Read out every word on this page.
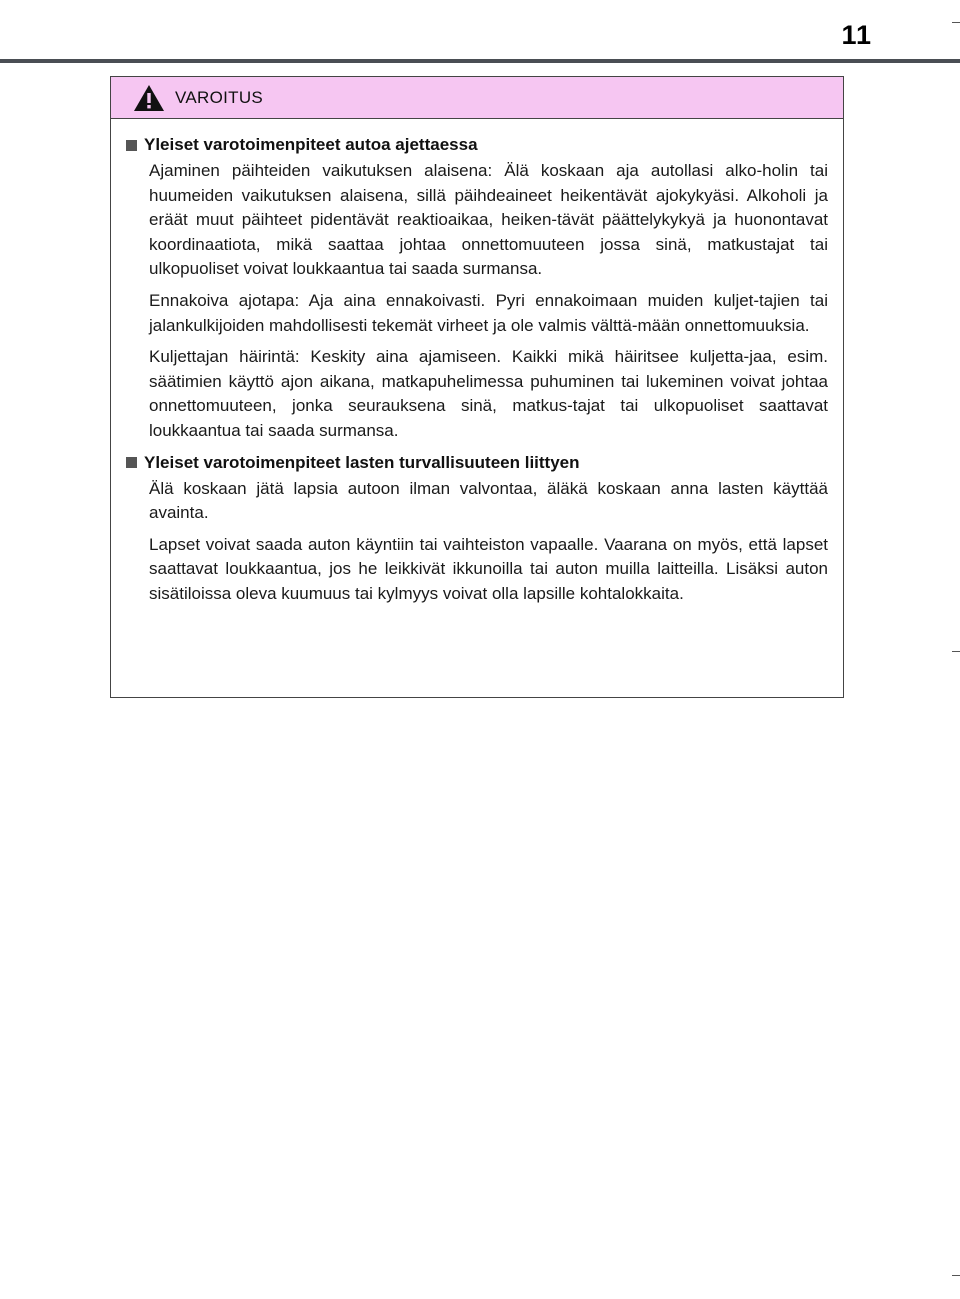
11
VAROITUS
Yleiset varotoimenpiteet autoa ajettaessa

Ajaminen päihteiden vaikutuksen alaisena: Älä koskaan aja autollasi alko-holin tai huumeiden vaikutuksen alaisena, sillä päihdeaineet heikentävät ajokykyäsi. Alkoholi ja eräät muut päihteet pidentävät reaktioaikaa, heiken-tävät päättelykykyä ja huonontavat koordinaatiota, mikä saattaa johtaa onnettomuuteen jossa sinä, matkustajat tai ulkopuoliset voivat loukkaantua tai saada surmansa.

Ennakoiva ajotapa: Aja aina ennakoivasti. Pyri ennakoimaan muiden kuljet-tajien tai jalankulkijoiden mahdollisesti tekemät virheet ja ole valmis välttä-mään onnettomuuksia.

Kuljettajan häirintä: Keskity aina ajamiseen. Kaikki mikä häiritsee kuljetta-jaa, esim. säätimien käyttö ajon aikana, matkapuhelimessa puhuminen tai lukeminen voivat johtaa onnettomuuteen, jonka seurauksena sinä, matkus-tajat tai ulkopuoliset saattavat loukkaantua tai saada surmansa.

Yleiset varotoimenpiteet lasten turvallisuuteen liittyen

Älä koskaan jätä lapsia autoon ilman valvontaa, äläkä koskaan anna lasten käyttää avainta.

Lapset voivat saada auton käyntiin tai vaihteiston vapaalle. Vaarana on myös, että lapset saattavat loukkaantua, jos he leikkivät ikkunoilla tai auton muilla laitteilla. Lisäksi auton sisätiloissa oleva kuumuus tai kylmyys voivat olla lapsille kohtalokkaita.
